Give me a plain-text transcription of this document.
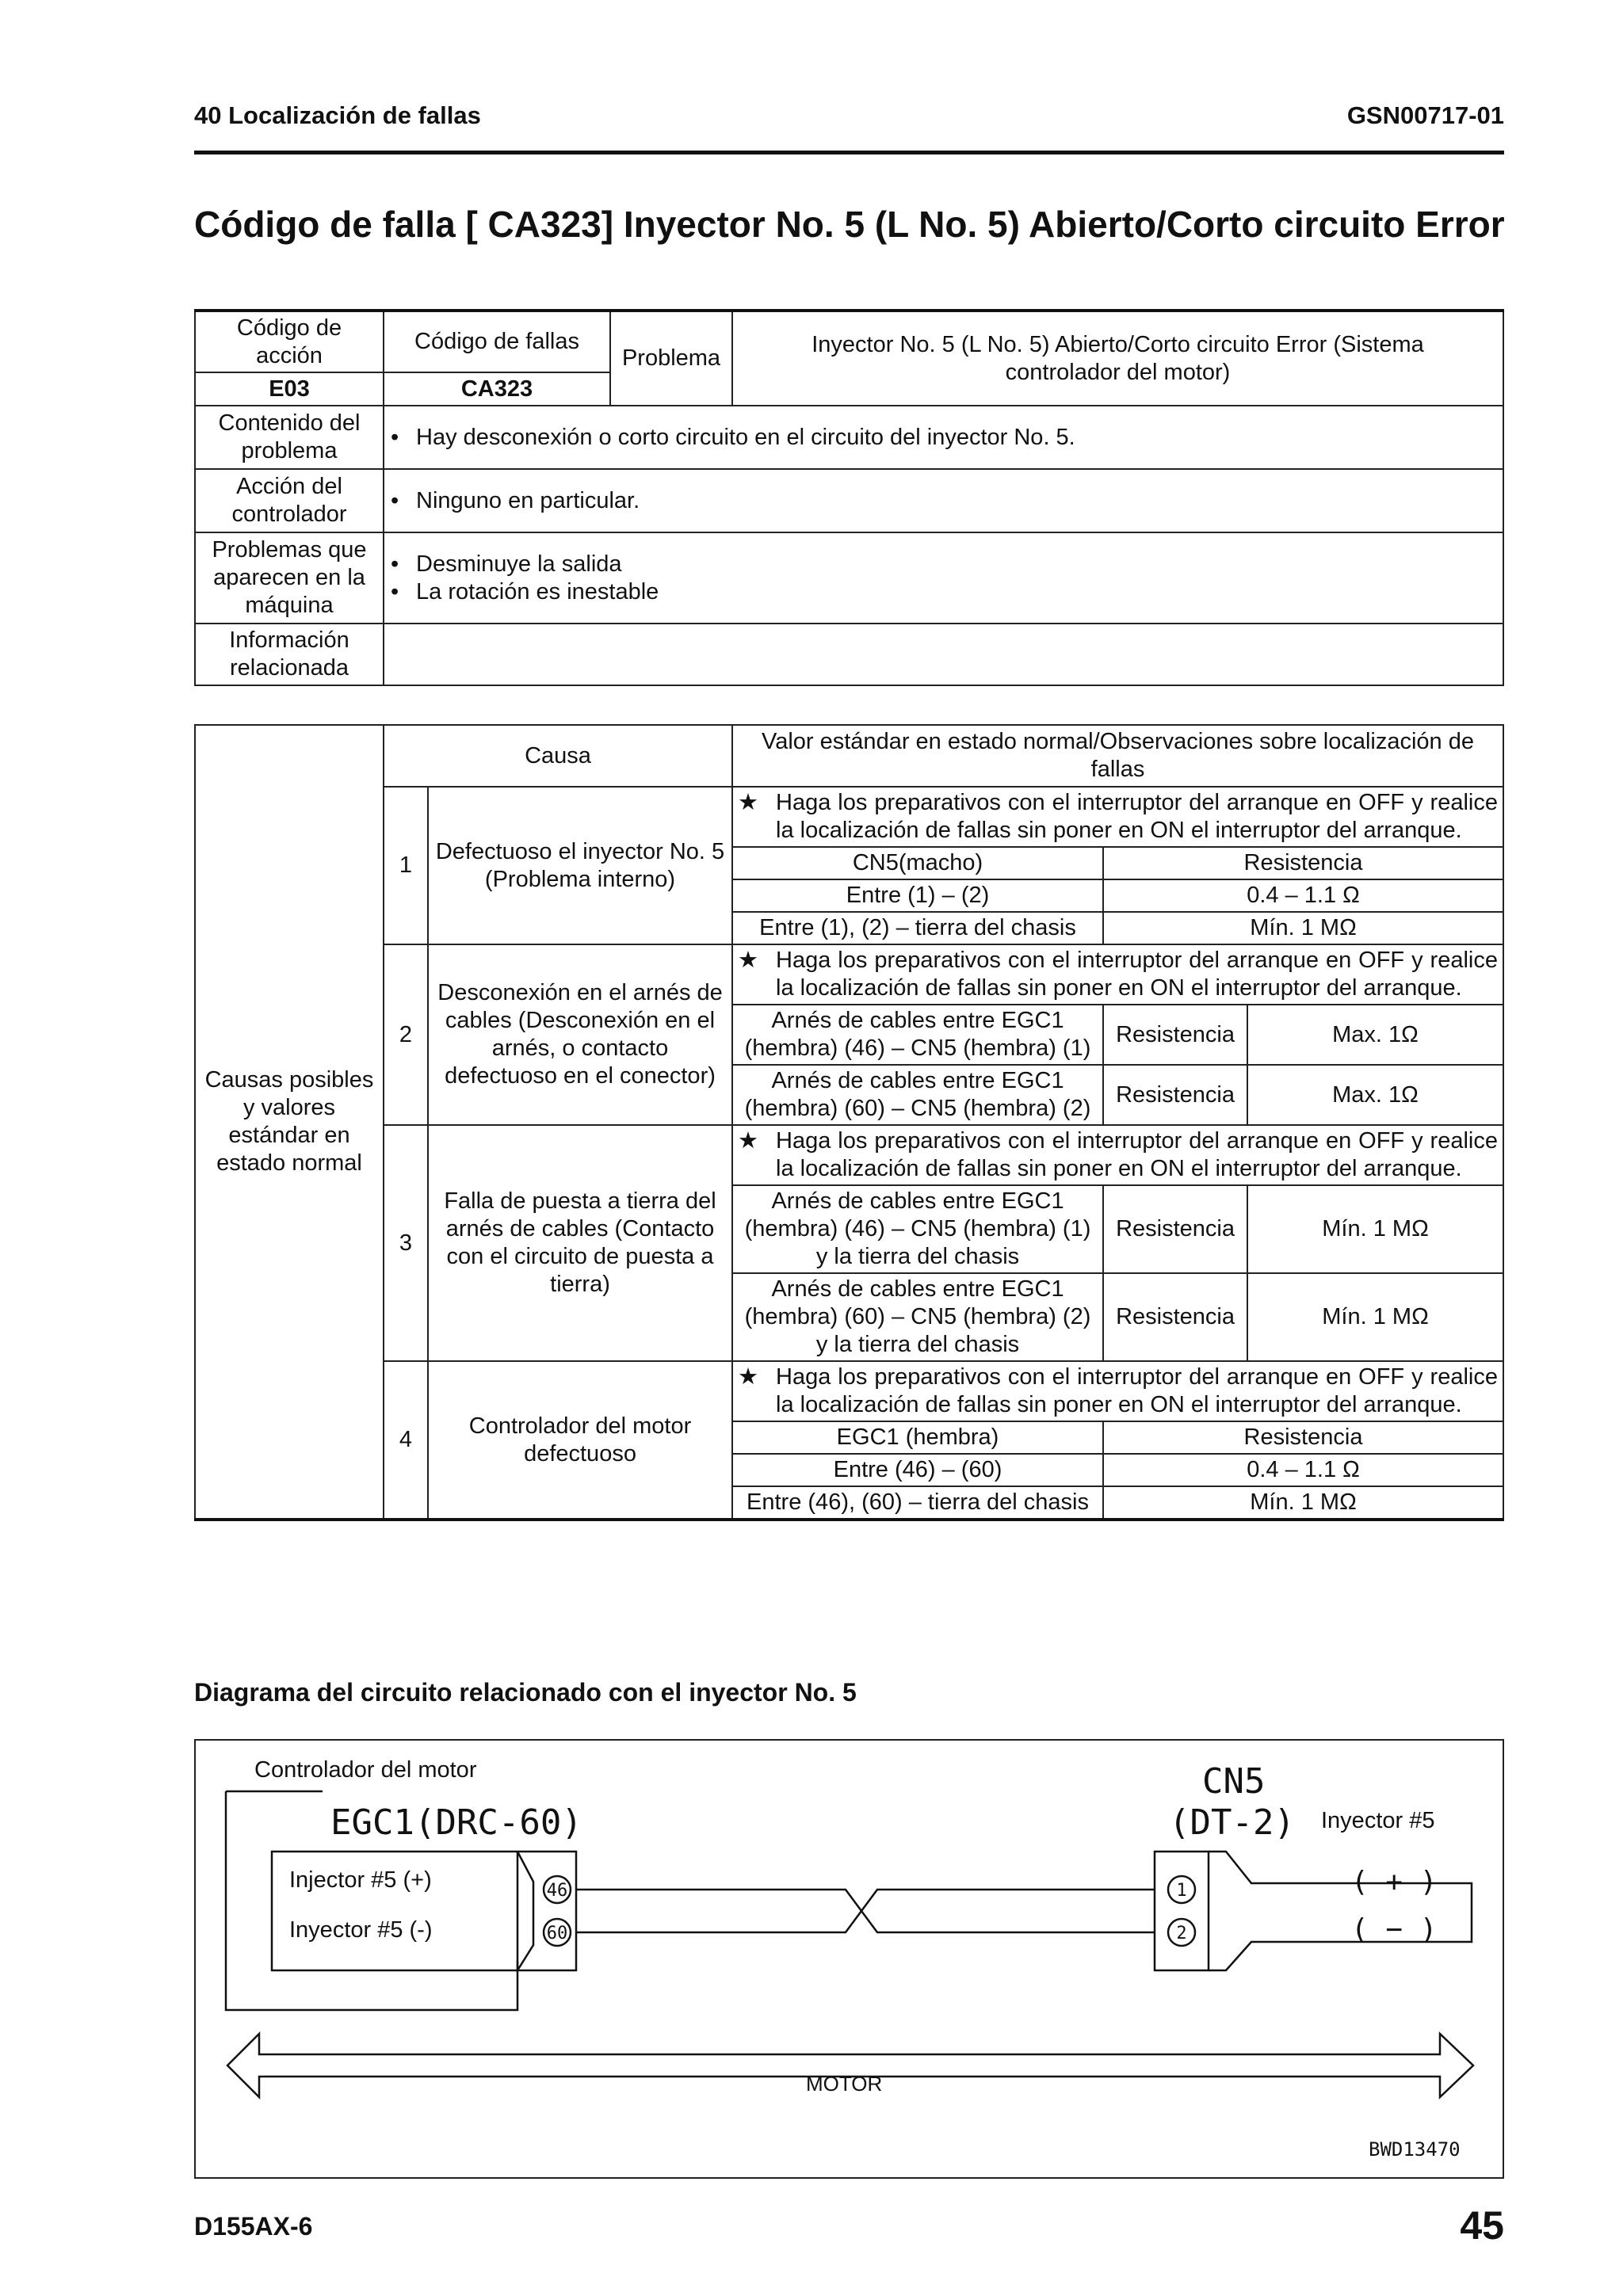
40 Localización de fallas	GSN00717-01
Código de falla [ CA323] Inyector No. 5 (L No. 5) Abierto/Corto circuito Error
Código de acción	Código de fallas	Problema	Inyector No. 5 (L No. 5) Abierto/Corto circuito Error (Sistema controlador del motor)
E03	CA323		
Contenido del problema	• Hay desconexión o corto circuito en el circuito del inyector No. 5.		

Acción del controlador	• Ninguno en particular.		

Problemas que aparecen en la máquina	• Desminuye la salida
• La rotación es inestable		

Información relacionada			
Causas posibles y valores estándar en estado normal	Causa		Valor estándar en estado normal/Observaciones sobre localización de fallas		
	1	Defectuoso el inyector No. 5 (Problema interno)	★ Haga los preparativos con el interruptor del arranque en OFF y realice la localización de fallas sin poner en ON el interruptor del arranque.		

			CN5(macho)	Resistencia	
			Entre (1) – (2)	0.4 – 1.1 Ω	
			Entre (1), (2) – tierra del chasis	Mín. 1 MΩ	
	2	Desconexión en el arnés de cables (Desconexión en el arnés, o contacto defectuoso en el conector)	★ Haga los preparativos con el interruptor del arranque en OFF y realice la localización de fallas sin poner en ON el interruptor del arranque.		

			Arnés de cables entre EGC1 (hembra) (46) – CN5 (hembra) (1)	Resistencia	Max. 1Ω
			Arnés de cables entre EGC1 (hembra) (60) – CN5 (hembra) (2)	Resistencia	Max. 1Ω
	3	Falla de puesta a tierra del arnés de cables (Contacto con el circuito de puesta a tierra)	★ Haga los preparativos con el interruptor del arranque en OFF y realice la localización de fallas sin poner en ON el interruptor del arranque.		

			Arnés de cables entre EGC1 (hembra) (46) – CN5 (hembra) (1) y la tierra del chasis	Resistencia	Mín. 1 MΩ
			Arnés de cables entre EGC1 (hembra) (60) – CN5 (hembra) (2) y la tierra del chasis	Resistencia	Mín. 1 MΩ
	4	Controlador del motor defectuoso	★ Haga los preparativos con el interruptor del arranque en OFF y realice la localización de fallas sin poner en ON el interruptor del arranque.		

			EGC1 (hembra)	Resistencia	
			Entre (46) – (60)	0.4 – 1.1 Ω	
			Entre (46), (60) – tierra del chasis	Mín. 1 MΩ	
Diagrama del circuito relacionado con el inyector No. 5
Controlador del motor
EGC1(DRC-60)
CN5
(DT-2) Inyector #5
Injector #5 (+)
Inyector #5 (-)
( + )
( − )
MOTOR
BWD13470
46
60
1
2
D155AX-6	45
